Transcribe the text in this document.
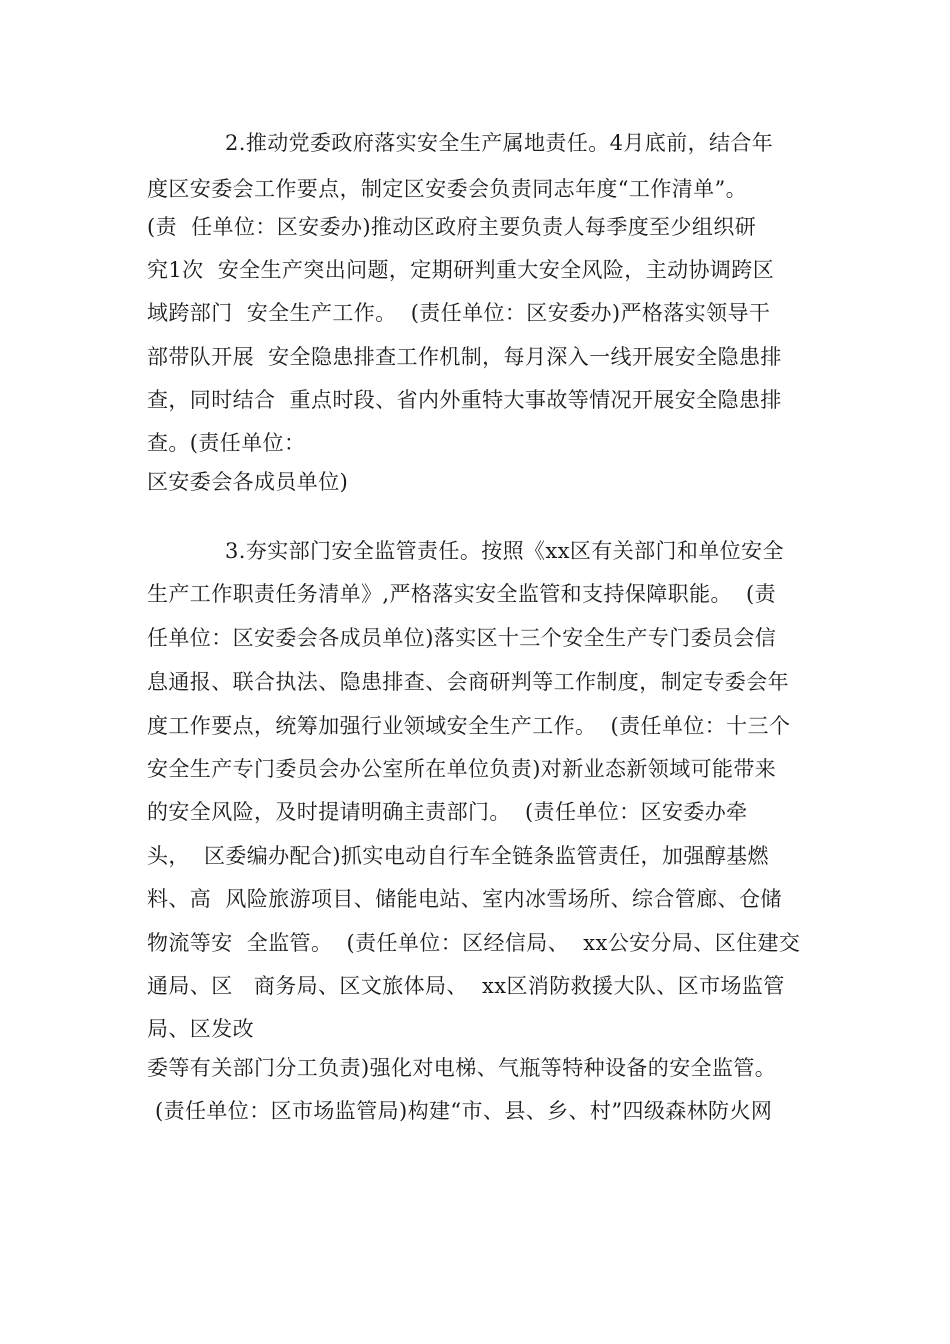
2.推动党委政府落实安全生产属地责任。4月底前，结合年
度区安委会工作要点，制定区安委会负责同志年度“工作清单”。
(责  任单位：区安委办)推动区政府主要负责人每季度至少组织研
究1次  安全生产突出问题，定期研判重大安全风险，主动协调跨区
域跨部门  安全生产工作。  (责任单位：区安委办)严格落实领导干
部带队开展  安全隐患排查工作机制，每月深入一线开展安全隐患排
查，同时结合  重点时段、省内外重特大事故等情况开展安全隐患排
查。(责任单位：
区安委会各成员单位)
3.夯实部门安全监管责任。按照《xx区有关部门和单位安全
生产工作职责任务清单》,严格落实安全监管和支持保障职能。  (责
任单位：区安委会各成员单位)落实区十三个安全生产专门委员会信
息通报、联合执法、隐患排查、会商研判等工作制度，制定专委会年
度工作要点，统筹加强行业领域安全生产工作。  (责任单位：十三个
安全生产专门委员会办公室所在单位负责)对新业态新领域可能带来
的安全风险，及时提请明确主责部门。  (责任单位：区安委办牵
头，  区委编办配合)抓实电动自行车全链条监管责任，加强醇基燃
料、高  风险旅游项目、储能电站、室内冰雪场所、综合管廊、仓储
物流等安  全监管。  (责任单位：区经信局、  xx公安分局、区住建交
通局、区   商务局、区文旅体局、  xx区消防救援大队、区市场监管
局、区发改
委等有关部门分工负责)强化对电梯、气瓶等特种设备的安全监管。
(责任单位：区市场监管局)构建“市、县、乡、村”四级森林防火网
